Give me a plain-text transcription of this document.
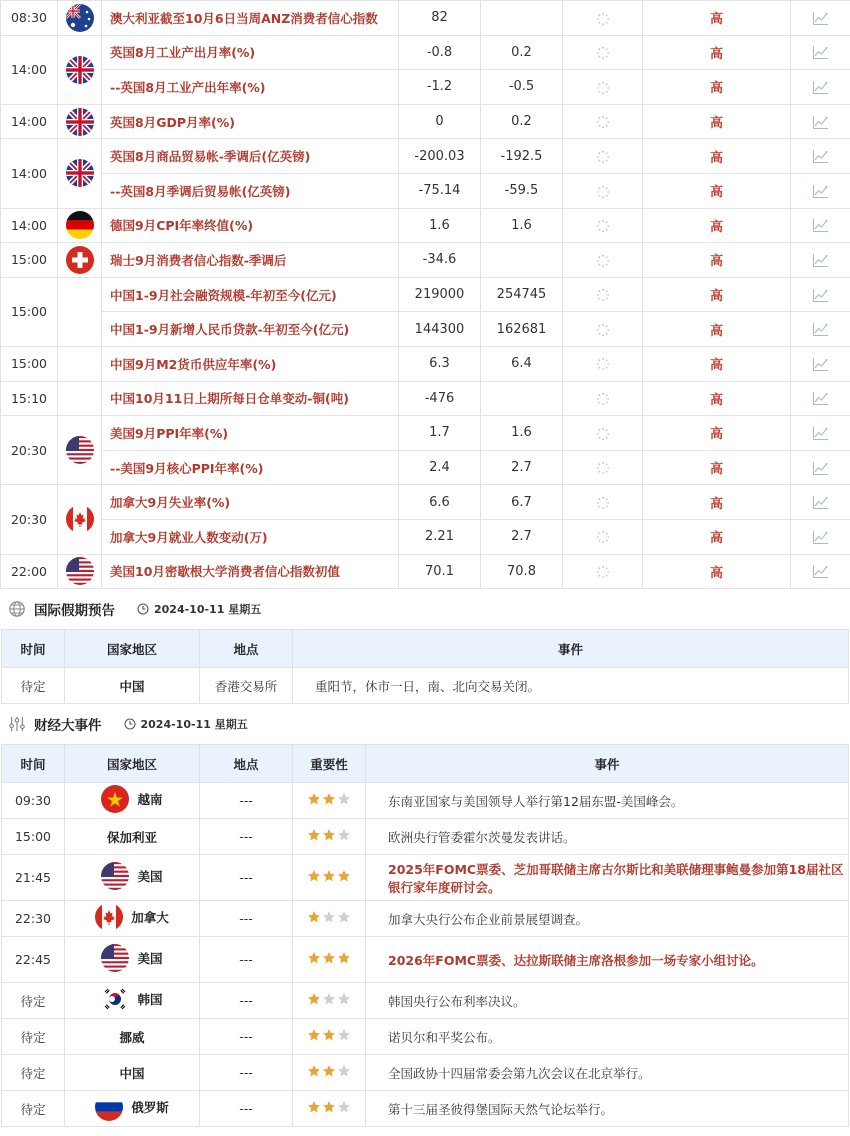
08:30		澳大利亚截至10月6日当周ANZ消费者信心指数	82			高	
14:00		英国8月工业产出月率(%)	-0.8	0.2		高	
		--英国8月工业产出年率(%)	-1.2	-0.5		高	
14:00		英国8月GDP月率(%)	0	0.2		高	
14:00		英国8月商品贸易帐-季调后(亿英镑)	-200.03	-192.5		高	
		--英国8月季调后贸易帐(亿英镑)	-75.14	-59.5		高	
14:00		德国9月CPI年率终值(%)	1.6	1.6		高	
15:00		瑞士9月消费者信心指数-季调后	-34.6			高	
15:00		中国1-9月社会融资规模-年初至今(亿元)	219000	254745		高	
		中国1-9月新增人民币贷款-年初至今(亿元)	144300	162681		高	
15:00		中国9月M2货币供应年率(%)	6.3	6.4		高	
15:10		中国10月11日上期所每日仓单变动-铜(吨)	-476			高	
20:30		美国9月PPI年率(%)	1.7	1.6		高	
		--美国9月核心PPI年率(%)	2.4	2.7		高	
20:30		加拿大9月失业率(%)	6.6	6.7		高	
		加拿大9月就业人数变动(万)	2.21	2.7		高	
22:00		美国10月密歇根大学消费者信心指数初值	70.1	70.8		高	
国际假期预告	2024-10-11 星期五
时间	国家地区	地点	事件
待定	中国	香港交易所	重阳节，休市一日，南、北向交易关闭。
财经大事件	2024-10-11 星期五
时间	国家地区	地点	重要性	事件
09:30	越南	---		东南亚国家与美国领导人举行第12届东盟-美国峰会。
15:00	保加利亚	---		欧洲央行管委霍尔茨曼发表讲话。
21:45	美国	---		2025年FOMC票委、芝加哥联储主席古尔斯比和美联储理事鲍曼参加第18届社区银行家年度研讨会。
22:30	加拿大	---		加拿大央行公布企业前景展望调查。
22:45	美国	---		2026年FOMC票委、达拉斯联储主席洛根参加一场专家小组讨论。
待定	韩国	---		韩国央行公布利率决议。
待定	挪威	---		诺贝尔和平奖公布。
待定	中国	---		全国政协十四届常委会第九次会议在北京举行。
待定	俄罗斯	---		第十三届圣彼得堡国际天然气论坛举行。
